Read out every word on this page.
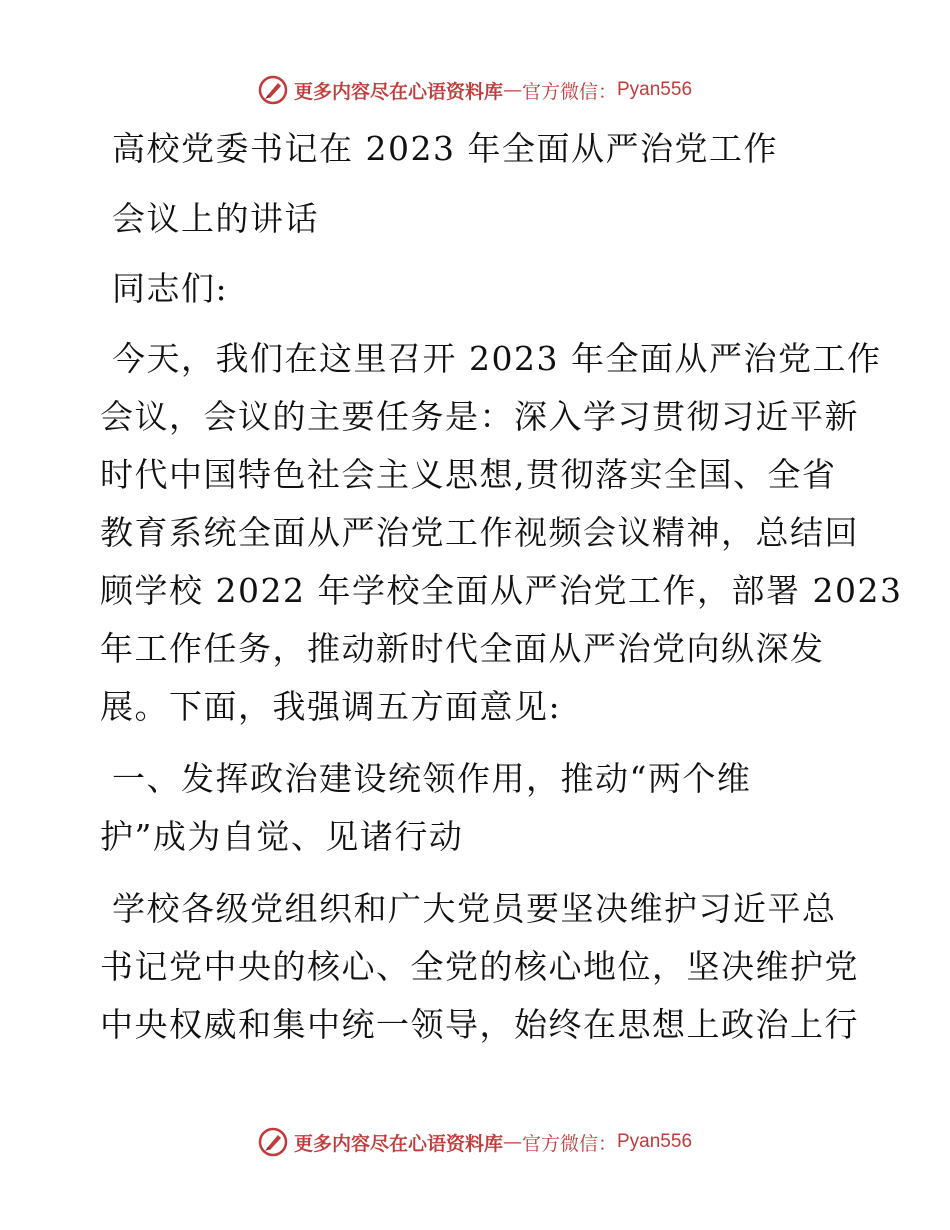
更多内容尽在心语资料库 — 官方微信： Pyan556
高校党委书记在 2023 年全面从严治党工作
会议上的讲话
同志们:
今天，我们在这里召开 2023 年全面从严治党工作
会议，会议的主要任务是：深入学习贯彻习近平新
时代中国特色社会主义思想,贯彻落实全国、全省
教育系统全面从严治党工作视频会议精神，总结回
顾学校 2022 年学校全面从严治党工作，部署 2023
年工作任务，推动新时代全面从严治党向纵深发
展。下面，我强调五方面意见:
一、发挥政治建设统领作用，推动“两个维
护”成为自觉、见诸行动
学校各级党组织和广大党员要坚决维护习近平总
书记党中央的核心、全党的核心地位，坚决维护党
中央权威和集中统一领导，始终在思想上政治上行
更多内容尽在心语资料库 — 官方微信： Pyan556
